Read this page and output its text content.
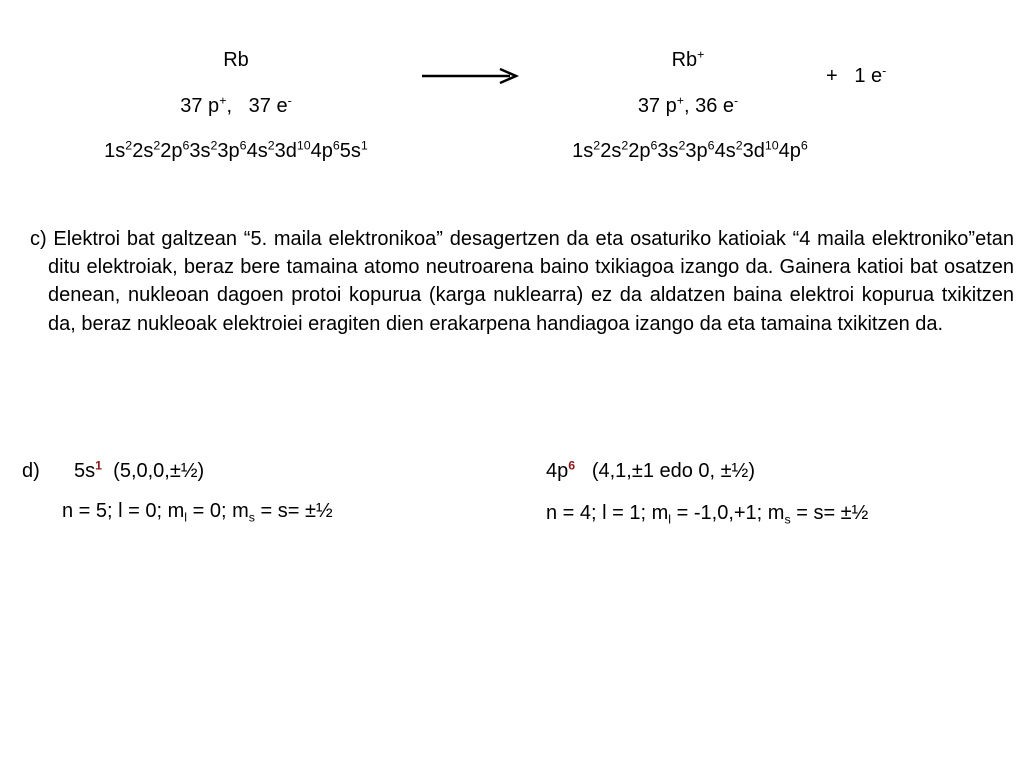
Rb
37 p+, 37 e-
$1s^22s^22p^63s^23p^64s^23d^{10}4p^65s^1$
Rb+
+ 1 e-
37 p+, 36 e-
$1s^22s^22p^63s^23p^64s^23d^{10}4p^6$
c) Elektroi bat galtzean “5. maila elektronikoa” desagertzen da eta osaturiko katioiak “4 maila elektroniko”etan ditu elektroiak, beraz bere tamaina atomo neutroarena baino txikiagoa izango da. Gainera katioi bat osatzen denean, nukleoan dagoen protoi kopurua (karga nuklearra) ez da aldatzen baina elektroi kopurua txikitzen da, beraz nukleoak elektroiei eragiten dien erakarpena handiagoa izango da eta tamaina txikitzen da.
d) $5s^1$ (5,0,0,±½)
n = 5; l = 0; $m_l = 0$; $m_s = s=$ ±½
$4p^6$ (4,1,±1 edo 0, ±½)
n = 4; l = 1; $m_l = -1,0,+1$; $m_s = s=$ ±½
